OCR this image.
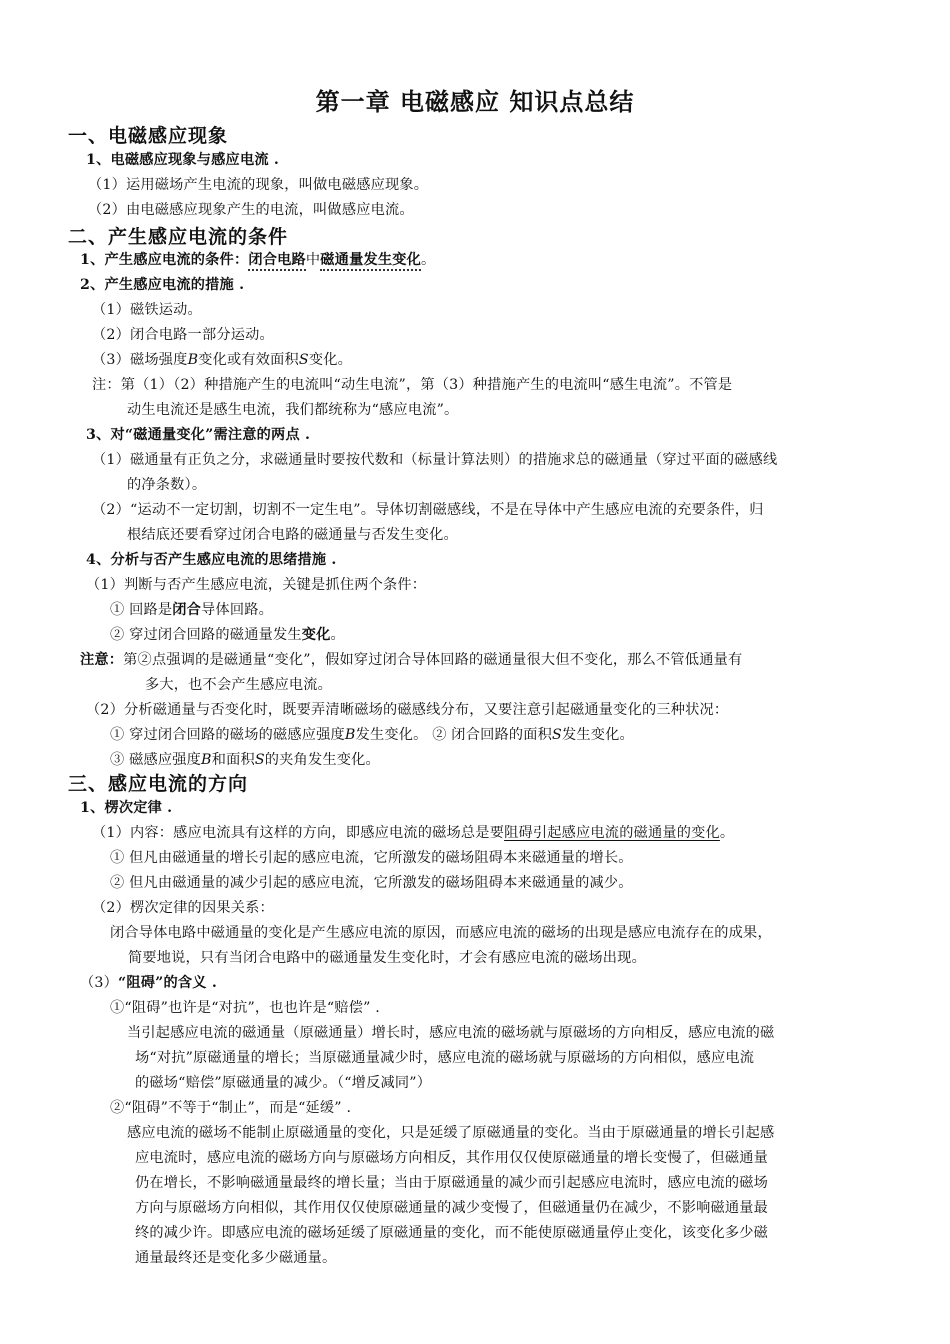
第一章 电磁感应 知识点总结
一、电磁感应现象
1、电磁感应现象与感应电流 .
（1）运用磁场产生电流的现象，叫做电磁感应现象。
（2）由电磁感应现象产生的电流，叫做感应电流。
二、产生感应电流的条件
1、产生感应电流的条件：闭合电路中磁通量发生变化。
2、产生感应电流的措施 .
（1）磁铁运动。
（2）闭合电路一部分运动。
（3）磁场强度B变化或有效面积S变化。
注：第（1）（2）种措施产生的电流叫“动生电流”，第（3）种措施产生的电流叫“感生电流”。不管是
动生电流还是感生电流，我们都统称为“感应电流”。
3、对“磁通量变化”需注意的两点 .
（1）磁通量有正负之分，求磁通量时要按代数和（标量计算法则）的措施求总的磁通量（穿过平面的磁感线
的净条数）。
（2）“运动不一定切割，切割不一定生电”。导体切割磁感线，不是在导体中产生感应电流的充要条件，归
根结底还要看穿过闭合电路的磁通量与否发生变化。
4、分析与否产生感应电流的思绪措施 .
（1）判断与否产生感应电流，关键是抓住两个条件：
① 回路是闭合导体回路。
② 穿过闭合回路的磁通量发生变化。
注意：第②点强调的是磁通量“变化”，假如穿过闭合导体回路的磁通量很大但不变化，那么不管低通量有
多大，也不会产生感应电流。
（2）分析磁通量与否变化时，既要弄清晰磁场的磁感线分布，又要注意引起磁通量变化的三种状况：
① 穿过闭合回路的磁场的磁感应强度B发生变化。 ② 闭合回路的面积S发生变化。
③ 磁感应强度B和面积S的夹角发生变化。
三、感应电流的方向
1、楞次定律 .
（1）内容：感应电流具有这样的方向，即感应电流的磁场总是要阻碍引起感应电流的磁通量的变化。
① 但凡由磁通量的增长引起的感应电流，它所激发的磁场阻碍本来磁通量的增长。
② 但凡由磁通量的减少引起的感应电流，它所激发的磁场阻碍本来磁通量的减少。
（2）楞次定律的因果关系：
闭合导体电路中磁通量的变化是产生感应电流的原因，而感应电流的磁场的出现是感应电流存在的成果，
简要地说，只有当闭合电路中的磁通量发生变化时，才会有感应电流的磁场出现。
（3）“阻碍”的含义 .
①“阻碍”也许是“对抗”，也也许是“赔偿” .
当引起感应电流的磁通量（原磁通量）增长时，感应电流的磁场就与原磁场的方向相反，感应电流的磁
场“对抗”原磁通量的增长；当原磁通量减少时，感应电流的磁场就与原磁场的方向相似，感应电流
的磁场“赔偿”原磁通量的减少。（“增反减同”）
②“阻碍”不等于“制止”，而是“延缓” .
感应电流的磁场不能制止原磁通量的变化，只是延缓了原磁通量的变化。当由于原磁通量的增长引起感
应电流时，感应电流的磁场方向与原磁场方向相反，其作用仅仅使原磁通量的增长变慢了，但磁通量
仍在增长，不影响磁通量最终的增长量；当由于原磁通量的减少而引起感应电流时，感应电流的磁场
方向与原磁场方向相似，其作用仅仅使原磁通量的减少变慢了，但磁通量仍在减少，不影响磁通量最
终的减少许。即感应电流的磁场延缓了原磁通量的变化，而不能使原磁通量停止变化，该变化多少磁
通量最终还是变化多少磁通量。
